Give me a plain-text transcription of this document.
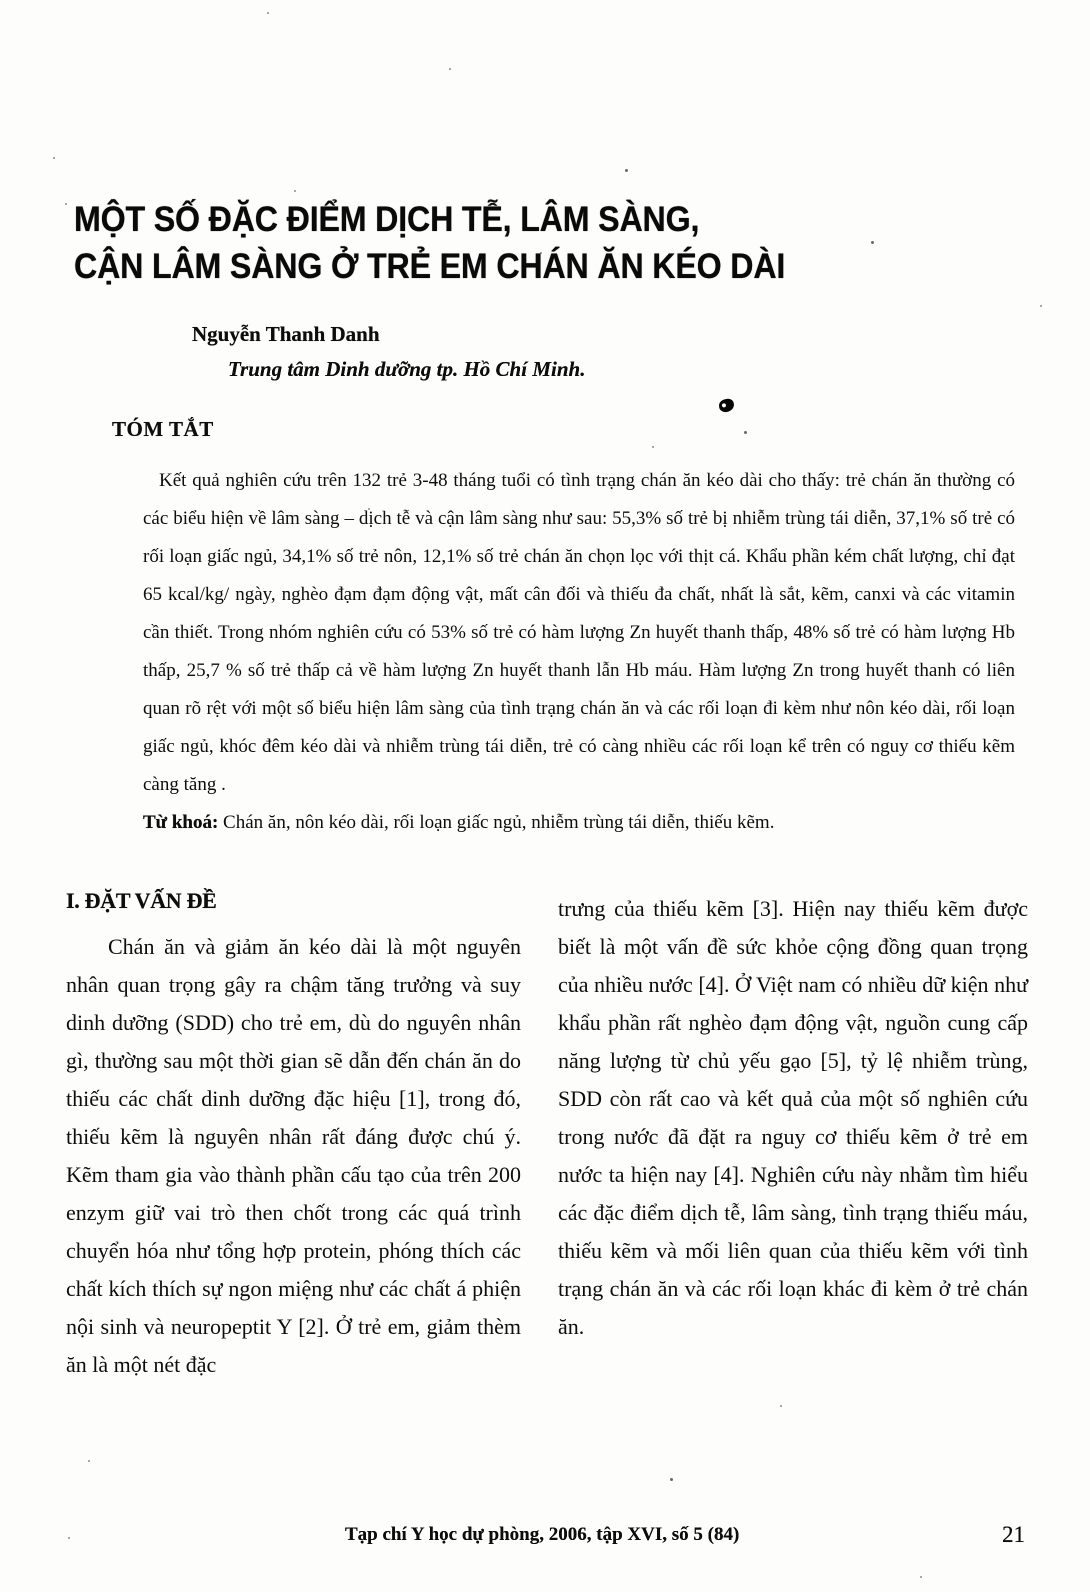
MỘT SỐ ĐẶC ĐIỂM DỊCH TỄ, LÂM SÀNG,
CẬN LÂM SÀNG Ở TRẺ EM CHÁN ĂN KÉO DÀI
Nguyễn Thanh Danh
Trung tâm Dinh dưỡng tp. Hồ Chí Minh.
TÓM TẮT

Kết quả nghiên cứu trên 132 trẻ 3-48 tháng tuổi có tình trạng chán ăn kéo dài cho thấy: trẻ chán ăn thường có các biểu hiện về lâm sàng – dịch tễ và cận lâm sàng như sau: 55,3% số trẻ bị nhiễm trùng tái diễn, 37,1% số trẻ có rối loạn giấc ngủ, 34,1% số trẻ nôn, 12,1% số trẻ chán ăn chọn lọc với thịt cá. Khẩu phần kém chất lượng, chỉ đạt 65 kcal/kg/ ngày, nghèo đạm đạm động vật, mất cân đối và thiếu đa chất, nhất là sắt, kẽm, canxi và các vitamin cần thiết. Trong nhóm nghiên cứu có 53% số trẻ có hàm lượng Zn huyết thanh thấp, 48% số trẻ có hàm lượng Hb thấp, 25,7 % số trẻ thấp cả về hàm lượng Zn huyết thanh lẫn Hb máu. Hàm lượng Zn trong huyết thanh có liên quan rõ rệt với một số biểu hiện lâm sàng của tình trạng chán ăn và các rối loạn đi kèm như nôn kéo dài, rối loạn giấc ngủ, khóc đêm kéo dài và nhiễm trùng tái diễn, trẻ có càng nhiều các rối loạn kể trên có nguy cơ thiếu kẽm càng tăng .

Từ khoá: Chán ăn, nôn kéo dài, rối loạn giấc ngủ, nhiễm trùng tái diễn, thiếu kẽm.

I. ĐẶT VẤN ĐỀ

Chán ăn và giảm ăn kéo dài là một nguyên nhân quan trọng gây ra chậm tăng trưởng và suy dinh dưỡng (SDD) cho trẻ em, dù do nguyên nhân gì, thường sau một thời gian sẽ dẫn đến chán ăn do thiếu các chất dinh dưỡng đặc hiệu [1], trong đó, thiếu kẽm là nguyên nhân rất đáng được chú ý. Kẽm tham gia vào thành phần cấu tạo của trên 200 enzym giữ vai trò then chốt trong các quá trình chuyển hóa như tổng hợp protein, phóng thích các chất kích thích sự ngon miệng như các chất á phiện nội sinh và neuropeptit Y [2]. Ở trẻ em, giảm thèm ăn là một nét đặc

trưng của thiếu kẽm [3]. Hiện nay thiếu kẽm được biết là một vấn đề sức khỏe cộng đồng quan trọng của nhiều nước [4]. Ở Việt nam có nhiều dữ kiện như khẩu phần rất nghèo đạm động vật, nguồn cung cấp năng lượng từ chủ yếu gạo [5], tỷ lệ nhiễm trùng, SDD còn rất cao và kết quả của một số nghiên cứu trong nước đã đặt ra nguy cơ thiếu kẽm ở trẻ em nước ta hiện nay [4]. Nghiên cứu này nhằm tìm hiểu các đặc điểm dịch tễ, lâm sàng, tình trạng thiếu máu, thiếu kẽm và mối liên quan của thiếu kẽm với tình trạng chán ăn và các rối loạn khác đi kèm ở trẻ chán ăn.

Tạp chí Y học dự phòng, 2006, tập XVI, số 5 (84)	21
